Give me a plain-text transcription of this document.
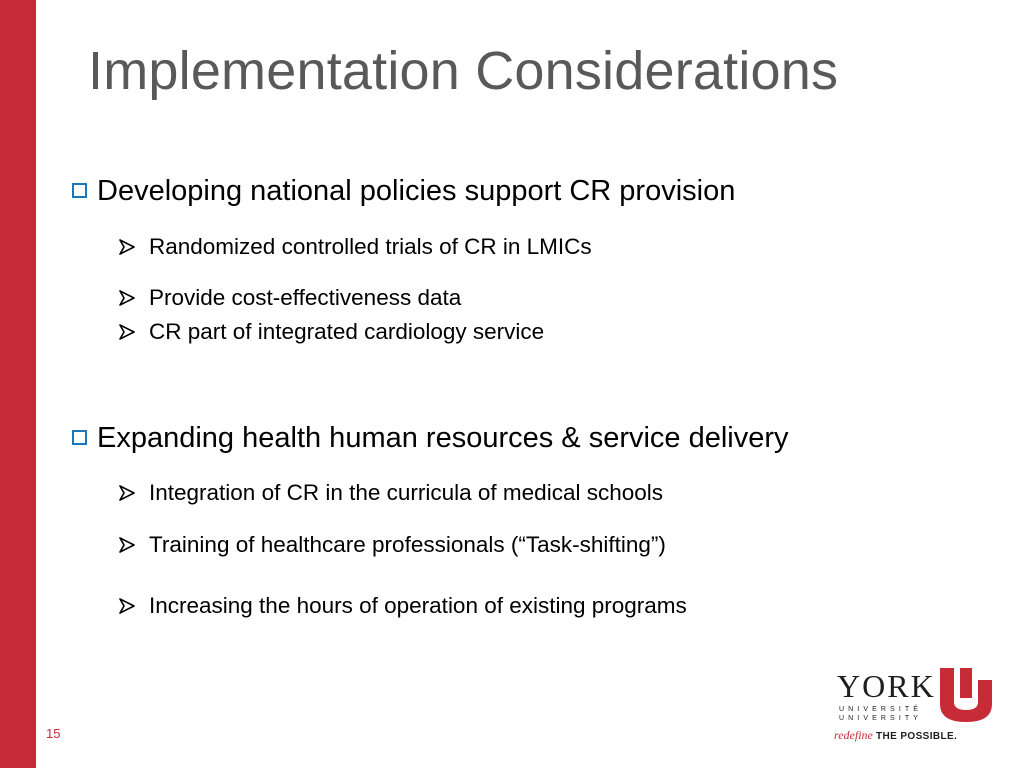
Implementation Considerations
Developing national policies support CR provision
Randomized controlled trials of CR in LMICs
Provide cost-effectiveness data
CR part of integrated cardiology service
Expanding health human resources & service delivery
Integration of CR in the curricula of medical schools
Training of healthcare professionals (“Task-shifting”)
Increasing the hours of operation of existing programs
15
YORK
UNIVERSITÉ
UNIVERSITY
redefine THE POSSIBLE.
